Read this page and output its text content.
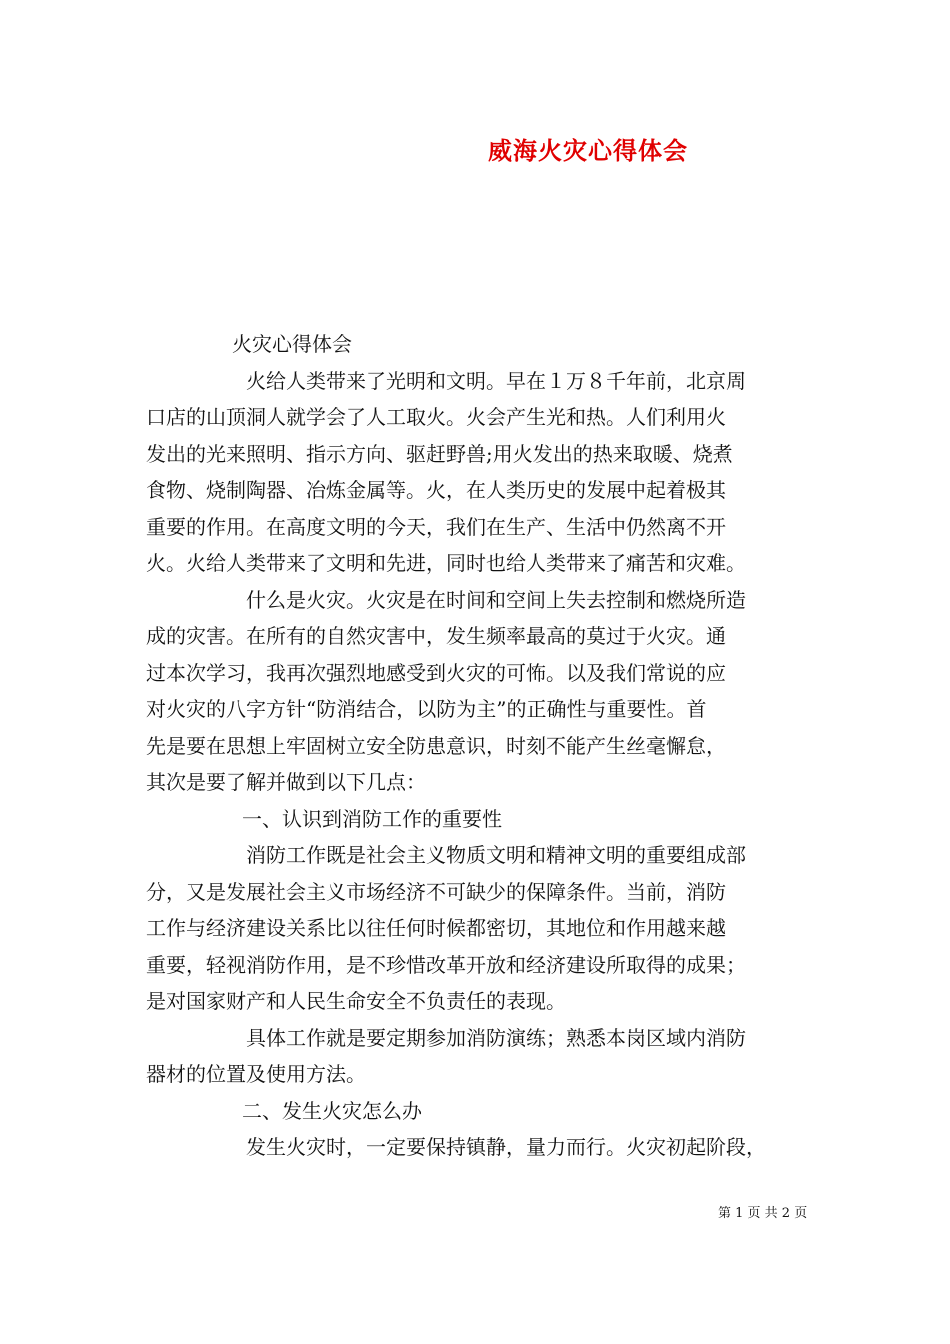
威海火灾心得体会
火灾心得体会
火给人类带来了光明和文明。早在１万８千年前，北京周
口店的山顶洞人就学会了人工取火。火会产生光和热。人们利用火
发出的光来照明、指示方向、驱赶野兽;用火发出的热来取暖、烧煮
食物、烧制陶器、冶炼金属等。火，在人类历史的发展中起着极其
重要的作用。在高度文明的今天，我们在生产、生活中仍然离不开
火。火给人类带来了文明和先进，同时也给人类带来了痛苦和灾难。
什么是火灾。火灾是在时间和空间上失去控制和燃烧所造
成的灾害。在所有的自然灾害中，发生频率最高的莫过于火灾。通
过本次学习，我再次强烈地感受到火灾的可怖。以及我们常说的应
对火灾的八字方针“防消结合，以防为主”的正确性与重要性。首
先是要在思想上牢固树立安全防患意识，时刻不能产生丝毫懈怠，
其次是要了解并做到以下几点：
一、认识到消防工作的重要性
消防工作既是社会主义物质文明和精神文明的重要组成部
分，又是发展社会主义市场经济不可缺少的保障条件。当前，消防
工作与经济建设关系比以往任何时候都密切，其地位和作用越来越
重要，轻视消防作用，是不珍惜改革开放和经济建设所取得的成果；
是对国家财产和人民生命安全不负责任的表现。
具体工作就是要定期参加消防演练；熟悉本岗区域内消防
器材的位置及使用方法。
二、发生火灾怎么办
发生火灾时，一定要保持镇静，量力而行。火灾初起阶段，
第 1 页 共 2 页
